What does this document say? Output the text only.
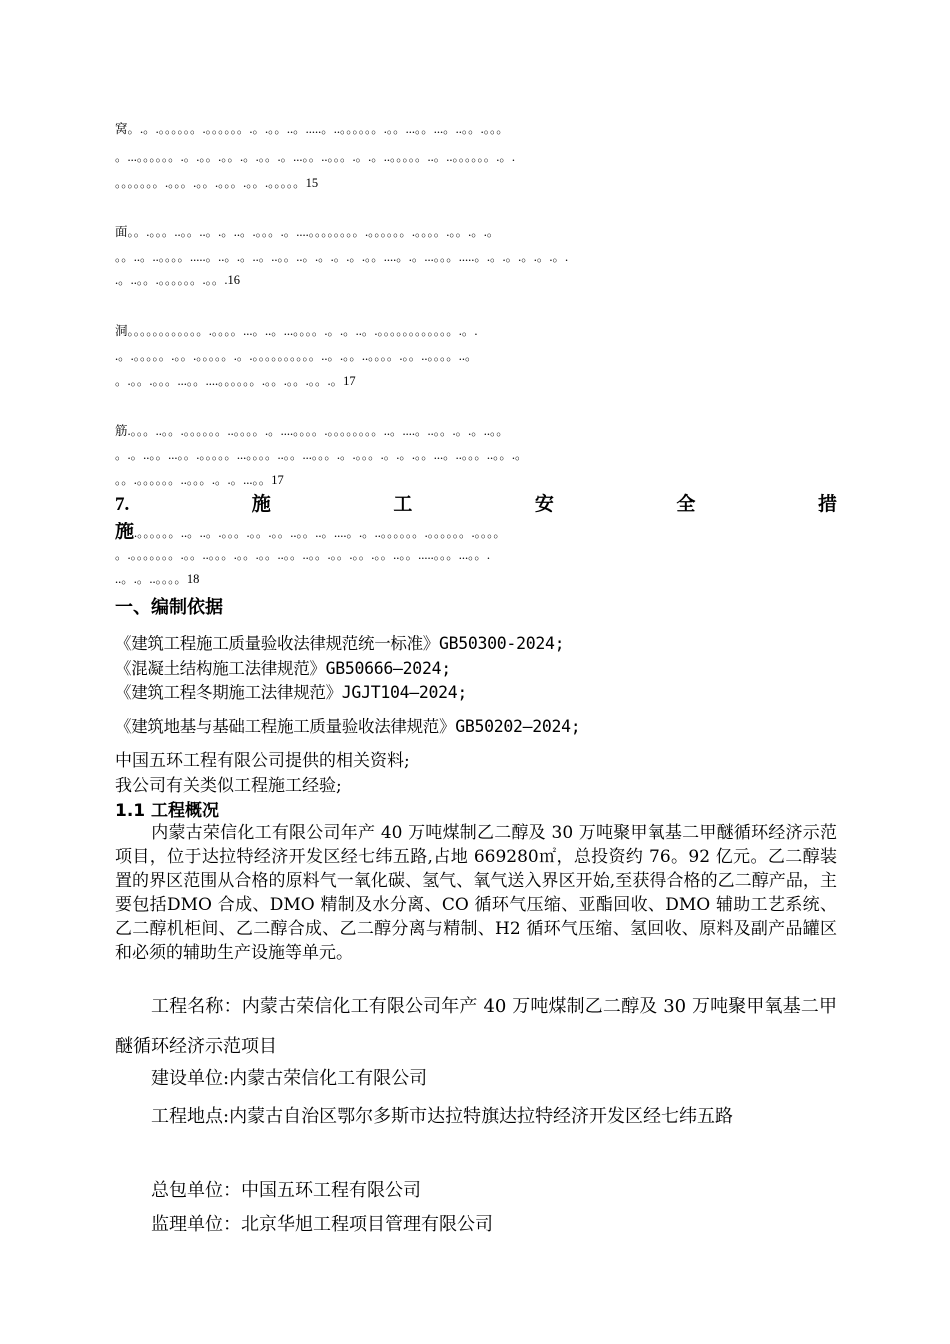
窝。.。.。。。。。。.。。。。。。.。.。。..。.....。..。。。。。。.。。...。。...。..。。.。。。
。...。。。。。。.。.。。.。。.。.。。.。...。。..。。。.。.。..。。。。。..。..。。。。。。.。.
。。。。。。。.。。。.。。.。。。.。。.。。。。。15
面。。.。。。..。。..。.。..。.。。。.。....。。。。。。。。.。。。。。。.。。。。.。。.。.。
。。..。..。。。。.....。..。.。..。..。。..。.。.。.。.。。....。.。...。。。.....。.。.。.。.。.。.
.。..。。.。。。。。。.。。.16
洞。。。。。。。。。。。。.。。。。...。..。...。。。。.。.。..。.。。。。。。。。。。。。.。.
.。.。。。。。.。。.。。。。。.。.。。。。。。。。。。..。.。。..。。。。.。。..。。。。..。
。.。。.。。。...。。....。。。。。。.。。.。。.。。.。17
筋.。。。..。。.。。。。。。..。。。。.。....。。。。.。。。。。。。。..。....。..。。.。.。..。。
。.。..。。...。。.。。。。。...。。。。..。。...。。。.。.。。。.。.。.。。...。..。。。..。。.。
。。.。。。。。。..。。。.。.。...。。17
7.	施	工	安	全	措
施.。。。。。。..。..。.。。。.。。.。。..。。..。....。.。..。。。。。。.。。。。。。.。。。。
。.。。。。。。。.。。..。。。.。。.。。..。。..。。.。。.。。.。。..。。.....。。。...。。.
..。.。..。。。。18
一、编制依据
《建筑工程施工质量验收法律规范统一标准》GB50300-2024;
《混凝土结构施工法律规范》GB50666—2024;
《建筑工程冬期施工法律规范》JGJT104—2024;
《建筑地基与基础工程施工质量验收法律规范》GB50202—2024;
中国五环工程有限公司提供的相关资料;
我公司有关类似工程施工经验;
1.1 工程概况
内蒙古荣信化工有限公司年产 40 万吨煤制乙二醇及 30 万吨聚甲氧基二甲醚循环经济示范项目，位于达拉特经济开发区经七纬五路,占地 669280㎡，总投资约 76。92 亿元。乙二醇装置的界区范围从合格的原料气一氧化碳、氢气、氧气送入界区开始,至获得合格的乙二醇产品，主要包括DMO 合成、DMO 精制及水分离、CO 循环气压缩、亚酯回收、DMO 辅助工艺系统、乙二醇机柜间、乙二醇合成、乙二醇分离与精制、H2 循环气压缩、氢回收、原料及副产品罐区和必须的辅助生产设施等单元。
工程名称：内蒙古荣信化工有限公司年产 40 万吨煤制乙二醇及 30 万吨聚甲氧基二甲醚循环经济示范项目
建设单位:内蒙古荣信化工有限公司
工程地点:内蒙古自治区鄂尔多斯市达拉特旗达拉特经济开发区经七纬五路
总包单位：中国五环工程有限公司
监理单位：北京华旭工程项目管理有限公司
